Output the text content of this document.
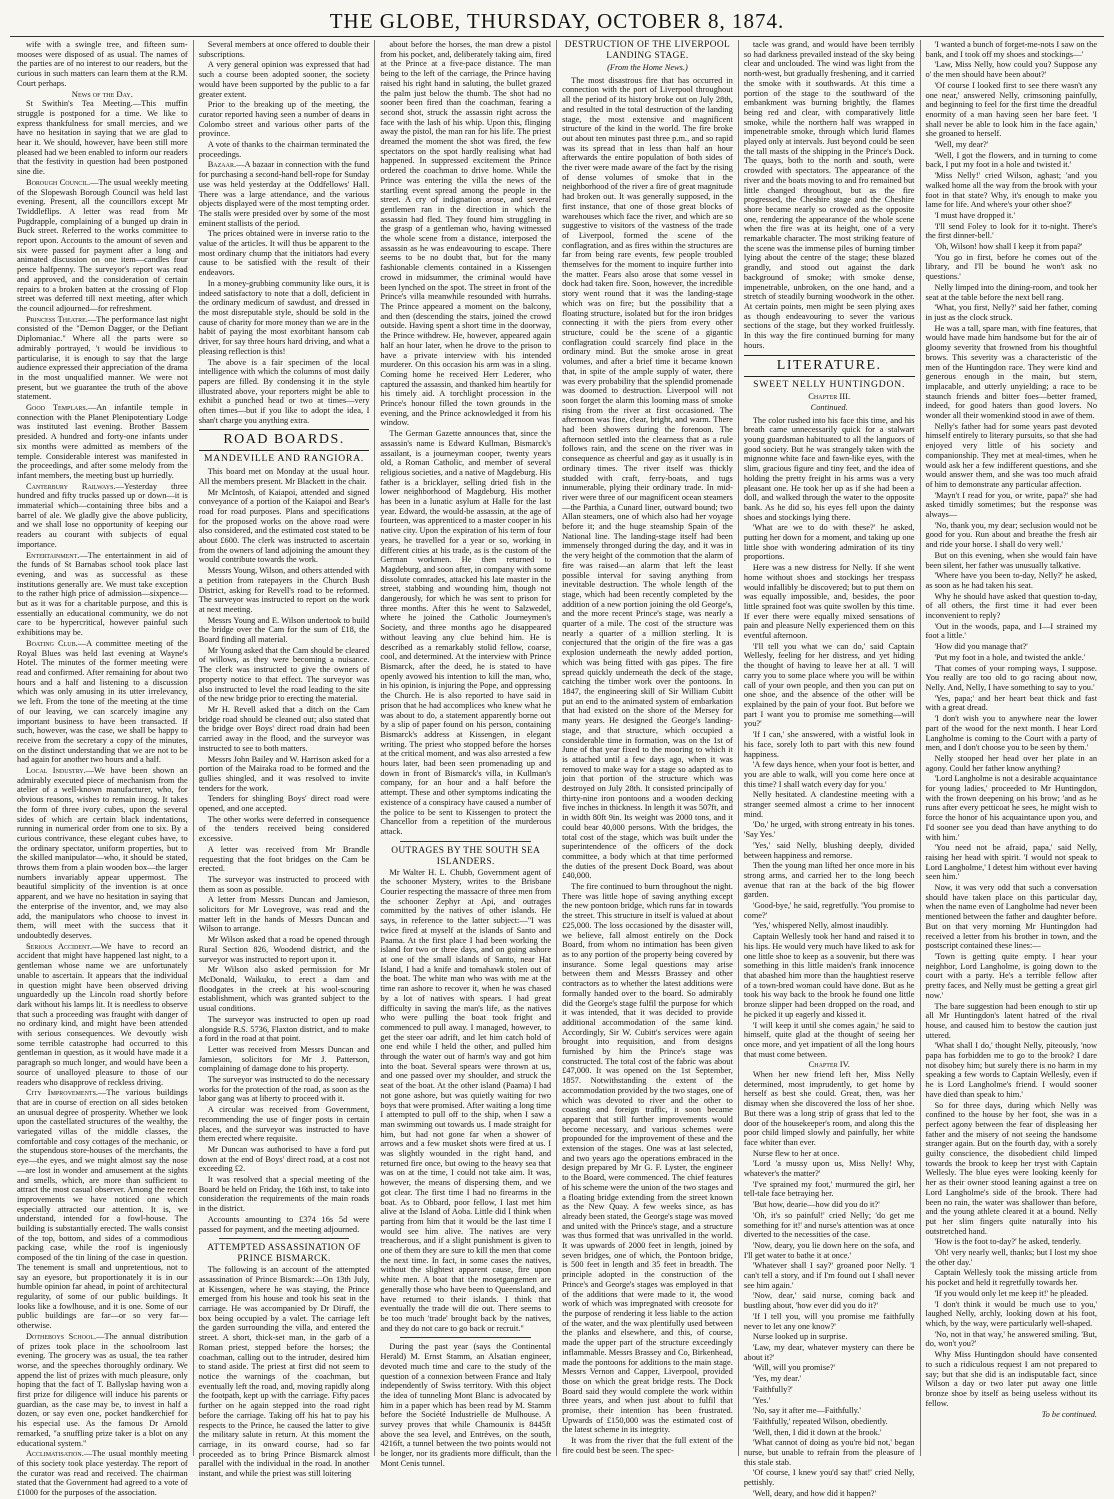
THE GLOBE, THURSDAY, OCTOBER 8, 1874.

wife with a swingle tree, and fifteen sum-mooses were disposed of as usual. The names of the parties are of no interest to our readers, but the curious in such matters can learn them at the R.M. Court perhaps.

News of the Day.

St Swithin's Tea Meeting.—This muffin struggle is postponed for a time. We like to express thankfulness for small mercies, and we have no hesitation in saying that we are glad to hear it. We should, however, have been still more pleased had we been enabled to inform our readers that the festivity in question had been postponed sine die.

Borough Council.—The usual weekly meeting of the Slopewash Borough Council was held last evening. Present, all the councillors except Mr Twiddleflips. A letter was read from Mr Pugdrapple, complaining of a bunged up drain in Buck street. Referred to the works committee to report upon. Accounts to the amount of seven and six were passed for payment after a long and animated discussion on one item—candles four pence halfpenny. The surveyor's report was read and approved, and the consideration of certain repairs to a broken batten at the crossing of Flop street was deferred till next meeting, after which the council adjourned—for refreshment.

Princess Theatre.—The performance last night consisted of the "Demon Dagger, or the Defiant Diplomaniac." Where all the parts were so admirably portrayed, 't would be invidious to particularise, it is enough to say that the large audience expressed their appreciation of the drama in the most unqualified manner. We were not present, but we guarantee the truth of the above statement.

Good Templars.—An infantile temple in connection with the Planet Plenipotentiary Lodge was instituted last evening. Brother Bassem presided. A hundred and forty-one infants under six months were admitted as members of the temple. Considerable interest was manifested in the proceedings, and after some melody from the infant members, the meeting bust up hurriedly.

Canterbury Railways.—Yesterday three hundred and fifty trucks passed up or down—it is immaterial which—containing three bibs and a barrel of ale. We gladly give the above publicity, and we shall lose no opportunity of keeping our readers au courant with subjects of equal importance.

Entertainment.—The entertainment in aid of the funds of St Barnabas school took place last evening, and was as successful as these institutions generally are. We must take exception to the rather high price of admission—sixpence—but as it was for a charitable purpose, and this is essentially an educational community, we do not care to be hypercritical, however painful such exhibitions may be.

Boating Club.—A committee meeting of the Royal Blues was held last evening at Wayne's Hotel. The minutes of the former meeting were read and confirmed. After remaining for about two hours and a half and listening to a discussion which was only amusing in its utter irrelevancy, we left. From the tone of the meeting at the time of our leaving, we can scarcely imagine any important business to have been transacted. If such, however, was the case, we shall be happy to receive from the secretary a copy of the minutes, on the distinct understanding that we are not to be had again for another two hours and a half.

Local Industry.—We have been shown an admirably executed piece of mechanism from the atelier of a well-known manufacturer, who, for obvious reasons, wishes to remain incog. It takes the form of three ivory cubes, upon the several sides of which are certain black indentations, running in numerical order from one to six. By a curious contrivance, these elegant cubes have, to the ordinary spectator, uniform properties, but to the skilled manipulator—who, it should be stated, throws them from a plain wooden box—the larger numbers invariably appear uppermost. The beautiful simplicity of the invention is at once apparent, and we have no hesitation in saying that the enterprise of the inventor, and, we may also add, the manipulators who choose to invest in them, will meet with the success that it undoubtedly deserves.

Serious Accident.—We have to record an accident that might have happened last night, to a gentleman whose name we are unfortunately unable to ascertain. It appears that the individual in question might have been observed driving unguardedly up the Lincoln road shortly before dark without his lamps lit. It is needless to observe that such a proceeding was fraught with danger of no ordinary kind, and might have been attended with serious consequences. We devoutly wish some terrible catastrophe had occurred to this gentleman in question, as it would have made it a paragraph so much longer, and would have been a source of unalloyed pleasure to those of our readers who disapprove of reckless driving.

City Improvements.—The various buildings that are in course of erection on all sides betoken an unusual degree of prosperity. Whether we look upon the castellated structures of the wealthy, the variegated villas of the middle classes, the comfortable and cosy cottages of the mechanic, or the stupendous store-houses of the merchants, the eye—the eyes, and we might almost say the nose—are lost in wonder and amusement at the sights and smells, which, are more than sufficient to attract the most casual observer. Among the recent improvements we have noticed one which especially attracted our attention. It is, we understand, intended for a fowl-house. The building is substantially erected. The walls consist of the top, bottom, and sides of a commodious packing case, while the roof is ingeniously composed of the tin lining of the case in question. The tenement is small and unpretentious, not to say an eyesore, but proportionately it is in our humble opinion far ahead, in point of architectural regularity, of some of our public buildings. It looks like a fowlhouse, and it is one. Some of our public buildings are far—or so very far—otherwise.

Dotheboys School.—The annual distribution of prizes took place in the schoolroom last evening. The grocery was as usual, the tea rather worse, and the speeches thoroughly ordinary. We append the list of prizes with much pleasure, only hoping that the fact of T. Ballyslap having won a first prize for diligence will induce his parents or guardian, as the case may be, to invest in half a dozen, or say even one, pocket handkerchief for his especial use. As the famous Dr Arnold remarked, "a snuffling prize taker is a blot on any educational system."

Acclimatisation.—The usual monthly meeting of this society took place yesterday. The report of the curator was read and received. The chairman stated that the Government had agreed to a vote of £1000 for the purposes of the association.

Several members at once offered to double their subscriptions.

A very general opinion was expressed that had such a course been adopted sooner, the society would have been supported by the public to a far greater extent.

Prior to the breaking up of the meeting, the curator reported having seen a number of deans in Colombo street and various other parts of the province.

A vote of thanks to the chairman terminated the proceedings.

Bazaar.—A bazaar in connection with the fund for purchasing a second-hand bell-rope for Sunday use was held yesterday at the Oddfellows' Hall. There was a large attendance, and the various objects displayed were of the most tempting order. The stalls were presided over by some of the most eminent stallists of the period.

The prices obtained were in inverse ratio to the value of the articles. It will thus be apparent to the most ordinary chump that the initiators had every cause to be satisfied with the result of their endeavors.

In a money-grubbing community like ours, it is indeed satisfactory to note that a doll, deficient in the ordinary medicum of sawdust, and dressed in the most disreputable style, should be sold in the cause of charity for more money than we are in the habit of paying the most exorbitant hansom cab driver, for say three hours hard driving, and what a pleasing reflection is this!

The above is a fair specimen of the local intelligence with which the columns of most daily papers are filled. By condensing it in the style illustrated above, your reporters might be able to exhibit a punched head or two at times—very often times—but if you like to adopt the idea, I shan't charge you anything extra.

ROAD BOARDS.
MANDEVILLE AND RANGIORA.

This board met on Monday at the usual hour. All the members present. Mr Blackett in the chair.

Mr McIntosh, of Kaiapoi, attended and signed conveyance of a portion of the Kaiapoi and Bear's road for road purposes. Plans and specifications for the proposed works on the above road were also considered, and the estimated cost stated to be about £600. The clerk was instructed to ascertain from the owners of land adjoining the amount they would contribute towards the work.

Messrs Young, Wilson, and others attended with a petition from ratepayers in the Church Bush District, asking for Revell's road to be reformed. The surveyor was instructed to report on the work at next meeting.

Messrs Young and E. Wilson undertook to build the bridge over the Cam for the sum of £18, the Board finding all material.

Mr Young asked that the Cam should be cleared of willows, as they were becoming a nuisance. The clerk was instructed to give the owners of property notice to that effect. The surveyor was also instructed to level the road leading to the site of the new bridge prior to erecting the material.

Mr H. Revell asked that a ditch on the Cam bridge road should be cleaned out; also stated that the bridge over Boys' direct road drain had been carried away in the flood, and the surveyor was instructed to see to both matters.

Messrs John Bailey and W. Harrison asked for a portion of the Mairaka road to be formed and the gullies shingled, and it was resolved to invite tenders for the work.

Tenders for shingling Boys' direct road were opened, and one accepted.

The other works were deferred in consequence of the tenders received being considered excessive.

A letter was received from Mr Brandle requesting that the foot bridges on the Cam be erected.

The surveyor was instructed to proceed with them as soon as possible.

A letter from Messrs Duncan and Jamieson, solicitors for Mr Lovegrove, was read and the matter left in the hands of Messrs Duncan and Wilson to arrange.

Mr Wilson asked that a road be opened through Rural Section 826, Woodend district, and the surveyor was instructed to report upon it.

Mr Wilson also asked permission for Mr McDonald, Waikuku, to erect a dam and floodgates in the creek at his wool-scouring establishment, which was granted subject to the usual conditions.

The surveyor was instructed to open up road alongside R.S. 5736, Flaxton district, and to make a ford in the road at that point.

Letter was received from Messrs Duncan and Jamieson, solicitors for Mr J. Patterson, complaining of damage done to his property.

The surveyor was instructed to do the necessary works for the protection of the road, as soon as the labor gang was at liberty to proceed with it.

A circular was received from Government, recommending the use of finger posts in certain places, and the surveyor was instructed to have them erected where requisite.

Mr Duncan was authorised to have a ford put down at the end of Boys' direct road, at a cost not exceeding £2.

It was resolved that a special meeting of the Board be held on Friday, the 16th inst, to take into consideration the requirements of the main roads in the district.

Accounts amounting to £374 16s 5d were passed for payment, and the meeting adjourned.

ATTEMPTED ASSASSINATION OF PRINCE BISMARCK.

The following is an account of the attempted assassination of Prince Bismarck:—On 13th July, at Kissengen, where he was staying, the Prince emerged from his house and took his seat in the carriage. He was accompanied by Dr Diruff, the box being occupied by a valet. The carriage left the garden surrounding the villa, and entered the street. A short, thick-set man, in the garb of a Roman priest, stepped before the horses; the coachman, calling out to the intruder, desired him to stand aside. The priest at first did not seem to notice the warnings of the coachman, but eventually left the road, and, moving rapidly along the footpath, kept up with the carriage. Fifty paces further on he again stepped into the road right before the carriage. Taking off his hat to pay his respects to the Prince, he caused the latter to give the military salute in return. At this moment the carriage, in its onward course, had so far proceeded as to bring Prince Bismarck almost parallel with the individual in the road. In another instant, and while the priest was still loitering

about before the horses, the man drew a pistol from his pocket, and, deliberately taking aim, fired at the Prince at a five-pace distance. The man being to the left of the carriage, the Prince having raised his right hand in saluting, the bullet grazed the palm just below the thumb. The shot had no sooner been fired than the coachman, fearing a second shot, struck the assassin right across the face with the lash of his whip. Upon this, flinging away the pistol, the man ran for his life. The priest dreamed the moment the shot was fired, the few spectators on the spot hardly realising what had happened. In suppressed excitement the Prince ordered the coachman to drive home. While the Prince was entering the villa the news of the startling event spread among the people in the street. A cry of indignation arose, and several gentlemen ran in the direction in which the assassin had fled. They found him struggling in the grasp of a gentleman who, having witnessed the whole scene from a distance, interposed the assassin as he was endeavouring to escape. There seems to be no doubt that, but for the many fashionable clements contained in a Kissengen crowd in midsummer, the criminal would have been lynched on the spot. The street in front of the Prince's villa meanwhile resounded with hurrahs. The Prince appeared a moment on the balcony, and then (descending the stairs, joined the crowd outside. Having spent a short time in the doorway, the Prince withdrew. He, however, appeared again half an hour later, when he drove to the prison to have a private interview with his intended murderer. On this occasion his arm was in a sling. Coming home he received Herr Lederer, who captured the assassin, and thanked him heartily for his timely aid. A torchlight procession in the Prince's honour filled the town grounds in the evening, and the Prince acknowledged it from his window.

The German Gazette announces that, since the assassin's name is Edward Kullman, Bismarck's assailant, is a journeyman cooper, twenty years old, a Roman Catholic, and member of several religious societies, and a native of Magdeburg. His father is a bricklayer, selling dried fish in the lower neighborhood of Magdeburg. His mother has been in a lunatic asylum at Halle for the last year. Edward, the would-be assassin, at the age of fourteen, was apprenticed to a master cooper in his native city. Upon the expiration of his term of four years, he travelled for a year or so, working in different cities at his trade, as is the custom of the German workmen. He then returned to Magdeburg, and soon after, in company with some dissolute comrades, attacked his late master in the street, stabbing and wounding him, though not dangerously, for which he was sent to prison for three months. After this he went to Salzwedel, where he joined the Catholic Journeymen's Society, and three months ago he disappeared without leaving any clue behind him. He is described as a remarkably stolid fellow, coarse, cool, and determined. At the interview with Prince Bismarck, after the deed, he is stated to have openly avowed his intention to kill the man, who, in his opinion, is injuring the Pope, and oppressing the Church. He is also reported to have said in prison that he had accomplices who knew what he was about to do, a statement apparently borne out by a slip of paper found on his person, containing Bismarck's address at Kissengen, in elegant writing. The priest who stopped before the horses at the critical moment, and was also arrested a few hours later, had been seen promenading up and down in front of Bismarck's villa, in Kullman's company, for an hour and a half before the attempt. These and other symptoms indicating the existence of a conspiracy have caused a number of the police to be sent to Kissengen to protect the Chancellor from a repetition of the murderous attack.

OUTRAGES BY THE SOUTH SEA ISLANDERS.

Mr Walter H. L. Chubb, Government agent of the schooner Mystery, writes to the Brisbane Courier respecting the massacre of three men from the schooner Zephyr at Api, and outrages committed by the natives of other islands. He says, in reference to the latter subject:—"I was twice fired at myself at the islands of Santo and Paama. At the first place I had been working the island for two or three days, and on going ashore at one of the small islands of Santo, near Hat Island, I had a knife and tomahawk stolen out of the boat. The white man who was with me at the time ran ashore to recover it, when he was chased by a lot of natives with spears. I had great difficulty in saving the man's life, as the natives who were pulling the boat took fright and commenced to pull away. I managed, however, to get the steer oar adrift, and let him catch hold of one end while I held the other, and pulled him through the water out of harm's way and got him into the boat. Several spears were thrown at us, and one passed over my shoulder, and struck the seat of the boat. At the other island (Paama) I had not gone ashore, but was quietly waiting for two boys that were promised. After waiting a long time I attempted to pull off to the ship, when I saw a man swimming out towards us. I made straight for him, but had not gone far when a shower of arrows and a few musket shots were fired at us. I was slightly wounded in the right hand, and returned fire once, but owing to the heavy sea that was on at the time, I could not take aim. It was, however, the means of dispersing them, and we got clear. The first time I had no firearms in the boat. As to Obbard, poor fellow, I last met him alive at the Island of Aoba. Little did I think when parting from him that it would be the last time I would see him alive. The natives are very treacherous, and if a slight punishment is given to one of them they are sure to kill the men that come the next time. In fact, in some cases the natives, without the slightest apparent cause, fire upon white men. A boat that the mosetgangemen are generally those who have been to Queensland, and have returned to their islands. I think that eventually the trade will die out. There seems to be too much 'trade' brought back by the natives, and they do not care to go back or recruit."

During the past year (says the Continental Herald) M. Ernst Stamm, an Alsatian engineer, devoted much time and care to the study of the question of a connexion between France and Italy independently of Swiss territory. With this object the idea of tunneling Mont Blanc is advocated by him in a paper which has been read by M. Stamm before the Société Industrielle de Mulhouse. A survey proves that while Chamounix is 8445ft above the sea level, and Entrèves, on the south, 4216ft, a tunnel between the two points would not be longer, nor its gradients more difficult, than the Mont Cenis tunnel.

DESTRUCTION OF THE LIVERPOOL LANDING STAGE.
(From the Home News.)

The most disastrous fire that has occurred in connection with the port of Liverpool throughout all the period of its history broke out on July 28th, and resulted in the total destruction of the landing stage, the most extensive and magnificent structure of the kind in the world. The fire broke out about ten minutes past three p.m., and so rapid was its spread that in less than half an hour afterwards the entire population of both sides of the river were made aware of the fact by the rising of dense volumes of smoke that in the neighborhood of the river a fire of great magnitude had broken out. It was generally supposed, in the first instance, that one of those great blocks of warehouses which face the river, and which are so suggestive to visitors of the vastness of the trade of Liverpool, formed the scene of the conflagration, and as fires within the structures are far from being rare events, few people troubled themselves for the moment to inquire further into the matter. Fears also arose that some vessel in dock had taken fire. Soon, however, the incredible story went round that it was the landing-stage which was on fire; but the possibility that a floating structure, isolated but for the iron bridges connecting it with the piers from every other structure, could be the scene of a gigantic conflagration could scarcely find place in the ordinary mind. But the smoke arose in great volumes, and after a brief time it became known that, in spite of the ample supply of water, there was every probability that the splendid promenade was doomed to destruction. Liverpool will not soon forget the alarm this looming mass of smoke rising from the river at first occasioned. The afternoon was fine, clear, bright, and warm. There had been showers during the forenoon. The afternoon settled into the clearness that as a rule follows rain, and the scene on the river was in consequence as cheerful and gay as it usually is in ordinary times. The river itself was thickly studded with craft, ferry-boats, and tugs innumerable, plying their ordinary trade. In mid-river were three of our magnificent ocean steamers—the Parthia, a Cunard liner, outward bound; two Allan steamers, one of which also had her voyage before it; and the huge steamship Spain of the National line. The landing-stage itself had been immensely thronged during the day, and it was in the very height of the commotion that the alarm of fire was raised—an alarm that left the least possible interval for saving anything from inevitable destruction. The whole length of the stage, which had been recently completed by the addition of a new portion joining the old George's, and the more recent Prince's stage, was nearly a quarter of a mile. The cost of the structure was nearly a quarter of a million sterling. It is conjectured that the origin of the fire was a gas explosion underneath the newly added portion, which was being fitted with gas pipes. The fire spread quickly underneath the deck of the stage, catching the timber work over the pontoons. In 1847, the engineering skill of Sir William Cubitt put an end to the animated system of embarkation that had existed on the shore of the Mersey for many years. He designed the George's landing-stage, and that structure, which occupied a considerable time in formation, was on the 1st of June of that year fixed to the mooring to which it is attached until a few days ago, when it was removed to make way for a stage so adapted as to join that portion of the structure which was destroyed on July 28th. It consisted principally of thirty-nine iron pontoons and a wooden decking five inches in thickness. In length it was 507ft, and in width 80ft 9in. Its weight was 2000 tons, and it could bear 40,000 persons. With the bridges, the total cost of the stage, which was built under the superintendence of the officers of the dock committee, a body which at that time performed the duties of the present Dock Board, was about £40,000.

The fire continued to burn throughout the night. There was little hope of saving anything except the new pontoon bridge, which runs far in towards the street. This structure in itself is valued at about £25,000. The loss occasioned by the disaster will, we believe, fall almost entirely on the Dock Board, from whom no intimation has been given as to any portion of the property being covered by insurance. Some legal questions may arise between them and Messrs Brassey and other contractors as to whether the latest additions were formally handed over to the board. So admirably did the George's stage fulfil the purpose for which it was intended, that it was decided to provide additional accommodation of the same kind. Accordingly, Sir W. Cubitt's services were again brought into requisition, and from designs furnished by him the Prince's stage was constructed. The total cost of the fabric was about £47,000. It was opened on the 1st September, 1857. Notwithstanding the extent of the accommodation provided by the two stages, one of which was devoted to river and the other to coasting and foreign traffic, it soon became apparent that still further improvements would become necessary, and various schemes were propounded for the improvement of these and the extension of the stages. One was at last selected, and two years ago the operations embraced in the design prepared by Mr G. F. Lyster, the engineer to the Board, were commenced. The chief features of his scheme were the union of the two stages and a floating bridge extending from the street known as the New Quay. A few weeks since, as has already been stated, the George's stage was moved and united with the Prince's stage, and a structure was thus formed that was unrivalled in the world. It was upwards of 2000 feet in length, joined by seven bridges, one of which, the Pontoon bridge, is 500 feet in length and 35 feet in breadth. The principle adopted in the construction of the Prince's and George's stages was employed in that of the additions that were made to it, the wood work of which was impregnated with creosote for the purpose of rendering it less liable to the action of the water, and the wax plentifully used between the planks and elsewhere, and this, of course, made the upper part of the structure exceedingly inflammable. Messrs Brassey and Co, Birkenhead, made the pontoons for additions to the main stage. Messrs Vernon and Capper, Liverpool, provided those on which the great bridge rests. The Dock Board said they would complete the work within three years, and when just about to fulfil that promise, their intention has been frustrated. Upwards of £150,000 was the estimated cost of the latest scheme in its integrity.

It was from the river that the full extent of the fire could best be seen. The spec-

tacle was grand, and would have been terribly so had darkness prevailed instead of the sky being clear and unclouded. The wind was light from the north-west, but gradually freshening, and it carried the smoke with it southwards. At this time a portion of the stage to the southward of the embankment was burning brightly, the flames being red and clear, with comparatively little smoke, while the northern half was wrapped in impenetrable smoke, through which lurid flames played only at intervals. Just beyond could be seen the tall masts of the shipping in the Prince's Dock. The quays, both to the north and south, were crowded with spectators. The appearance of the river and the boats moving to and fro remained but little changed throughout, but as the fire progressed, the Cheshire stage and the Cheshire shore became nearly so crowded as the opposite one, rendering the appearance of the whole scene when the fire was at its height, one of a very remarkable character. The most striking feature of the scene was the immense piles of burning timber lying about the centre of the stage; these blazed grandly, and stood out against the dark background of smoke; with smoke dense, impenetrable, unbroken, on the one hand, and a stretch of steadily burning woodwork in the other. At certain points, men might be seen plying axes as though endeavouring to sever the various sections of the stage, but they worked fruitlessly. In this way the fire continued burning for many hours.

LITERATURE.
SWEET NELLY HUNTINGDON.
Chapter III.
Continued.

The color rushed into his face this time, and his breath came unnecessarily quick for a stalwart young guardsman habituated to all the languors of good society. But he was strangely taken with the mignonne white face and fawn-like eyes, with the slim, gracious figure and tiny feet, and the idea of holding the pretty freight in his arms was a very pleasant one. He took her up as if she had been a doll, and walked through the water to the opposite bank. As he did so, his eyes fell upon the dainty shoes and stockings lying there.

'What are we to do with these?' he asked, putting her down for a moment, and taking up one little shoe with wondering admiration of its tiny proportions.

Here was a new distress for Nelly. If she went home without shoes and stockings her trespass would infallibly be discovered; but to put them on was equally impossible, and, besides, the poor little sprained foot was quite swollen by this time. If ever there were equally mixed sensations of pain and pleasure Nelly experienced them on this eventful afternoon.

'I'll tell you what we can do,' said Captain Wellesly, feeling for her distress, and yet hiding the thought of having to leave her at all. 'I will carry you to some place where you will be within call of your own people, and then you can put on one shoe, and the absence of the other will be explained by the pain of your foot. But before we part I want you to promise me something—will you?'

'If I can,' she answered, with a wistful look in his face, sorely loth to part with this new found happiness.

'A few days hence, when your foot is better, and you are able to walk, will you come here once at this time? I shall watch every day for you.'

Nelly hesitated. A clandestine meeting with a stranger seemed almost a crime to her innocent mind.

'Do,' he urged, with strong entreaty in his tones. 'Say Yes.'

'Yes,' said Nelly, blushing deeply, divided between happiness and remorse.

Then the young man lifted her once more in his strong arms, and carried her to the long beech avenue that ran at the back of the big flower garden.

'Good-bye,' he said, regretfully. 'You promise to come?'

'Yes,' whispered Nelly, almost inaudibly.

Captain Wellesly took her hand and raised it to his lips. He would very much have liked to ask for one little shoe to keep as a souvenir, but there was something in this little maiden's frank innocence that abashed him more than the haughtiest reserve of a town-bred woman could have done. But as he took his way back to the brook he found one little bronze slipper had been dropped on the road, and he picked it up eagerly and kissed it.

'I will keep it until she comes again,' he said to himself, quite glad at the thought of seeing her once more, and yet impatient of all the long hours that must come between.

Chapter IV.

When her new friend left her, Miss Nelly determined, most imprudently, to get home by herself as best she could. Great, then, was her dismay when she discovered the loss of her shoe. But there was a long strip of grass that led to the door of the housekeeper's room, and along this the poor child limped slowly and painfully, her white face whiter than ever.

Nurse flew to her at once.

'Lord 'a mussy upon us, Miss Nelly! Why, whatever's the matter?'

'I've sprained my foot,' murmured the girl, her tell-tale face betraying her.

'But how, dearie—how did you do it?'

'Oh, it's so painful!' cried Nelly; 'do get me something for it!' and nurse's attention was at once diverted to the necessities of the case.

'Now, deary, you lie down here on the sofa, and I'll get water to bathe it at once.'

'Whatever shall I say?' groaned poor Nelly. 'I can't tell a story, and if I'm found out I shall never see him again.'

'Now, dear,' said nurse, coming back and bustling about, 'how ever did you do it?'

'If I tell you, will you promise me faithfully never to let any one know?'

Nurse looked up in surprise.

'Law, my dear, whatever mystery can there be about it?'

'Will, will you promise?'

'Yes, my dear.'

'Faithfully?'

'Yes.'

'No, say it after me—Faithfully.'

'Faithfully,' repeated Wilson, obediently.

'Well, then, I did it down at the brook.'

'What cannot of doing as you're bid not,' began nurse, but unable to refrain from the pleasure of this stale stab.

'Of course, I knew you'd say that!' cried Nelly, pettishly.

'Well, deary, and how did it happen?'

'I wanted a bunch of forget-me-nots I saw on the bank, and I took off my shoes and stockings—'

'Law, Miss Nelly, how could you? Suppose any o' the men should have been about?'

'Of course I looked first to see there wasn't any one near,' answered Nelly, crimsoning painfully, and beginning to feel for the first time the dreadful enormity of a man having seen her bare feet. 'I shall never be able to look him in the face again,' she groaned to herself.

'Well, my dear?'

'Well, I got the flowers, and in turning to come back, I put my foot in a hole and twisted it.'

'Miss Nelly!' cried Wilson, aghast; 'and you walked home all the way from the brook with your foot in that state? Why, it's enough to make you lame for life. And where's your other shoe?'

'I must have dropped it.'

'I'll send Foley to look for it to-night. There's the first dinner-bell.'

'Oh, Wilson! how shall I keep it from papa?'

'You go in first, before he comes out of the library, and I'll be bound he won't ask no questions.'

Nelly limped into the dining-room, and took her seat at the table before the next bell rang.

'What, you first, Nelly?' said her father, coming in just as the clock struck.

He was a tall, spare man, with fine features, that would have made him handsome but for the air of gloomy severity that frowned from his thoughtful brows. This severity was a characteristic of the men of the Huntingdon race. They were kind and generous enough in the main, but stern, implacable, and utterly unyielding; a race to be staunch friends and bitter foes—better framed, indeed, for good haters than good lovers. No wonder all their womenkind stood in awe of them.

Nelly's father had for some years past devoted himself entirely to literary pursuits, so that she had enjoyed very little of his society and companionship. They met at meal-times, when he would ask her a few indifferent questions, and she would answer them, and she was too much afraid of him to demonstrate any particular affection.

'Mayn't I read for you, or write, papa?' she had asked timidly sometimes; but the response was always—

'No, thank you, my dear; seclusion would not be good for you. Run about and breathe the fresh air and ride your horse. I shall do very well.'

But on this evening, when she would fain have been silent, her father was unusually talkative.

'Where have you been to-day, Nelly?' he asked, as soon as he had taken his seat.

Why he should have asked that question to-day, of all others, the first time it had ever been inconvenient to reply?

'Out in the woods, papa, and I—I strained my foot a little.'

'How did you manage that?'

'Put my foot in a hole, and twisted the ankle.'

'That comes of your romping ways, I suppose. You really are too old to go racing about now, Nelly. And, Nelly, I have something to say to you.'

'Yes, papa;' and her heart beat thick and fast with a great dread.

'I don't wish you to anywhere near the lower part of the wood for the next month. I hear Lord Langholme is coming to the Court with a party of men, and I don't choose you to be seen by them.'

Nelly stooped her head over her plate in an agony. Could her father know anything?

'Lord Langholme is not a desirable acquaintance for young ladies,' proceeded to Mr Huntingdon, with the frown deepening on his brow; 'and as he runs after every petticoat he sees, he might wish to force the honor of his acquaintance upon you, and I'd sooner see you dead than have anything to do with him.'

'You need not be afraid, papa,' said Nelly, raising her head with spirit. 'I would not speak to Lord Langholme,' I detest him without ever having seen him.'

Now, it was very odd that such a conversation should have taken place on this particular day, when the name even of Langholme had never been mentioned between the father and daughter before. But on that very morning Mr Huntingdon had received a letter from his brother in town, and the postscript contained these lines:—

'Town is getting quite empty. I hear your neighbor, Lord Langholme, is going down to the court with a party. He's a terrible fellow after pretty faces, and Nelly must be getting a great girl now.'

The bare suggestion had been enough to stir up all Mr Huntingdon's latent hatred of the rival house, and caused him to bestow the caution just uttered.

'What shall I do,' thought Nelly, piteously, 'now papa has forbidden me to go to the brook? I dare not disobey him; but surely there is no harm in my speaking a few words to Captain Wellesly, even if he is Lord Langholme's friend. I would sooner have died than speak to him.'

So for three days, during which Nelly was confined to the house by her foot, she was in a perfect agony between the fear of displeasing her father and the misery of not seeing the handsome stranger again. But on the fourth day, with a sorely guilty conscience, the disobedient child limped towards the brook to keep her tryst with Captain Wellesly. The blue eyes were looking keenly for her as their owner stood leaning against a tree on Lord Langholme's side of the brook. There had been no rain, the water was shallower than before, and the young athlete cleared it at a bound. Nelly put her slim fingers quite naturally into his outstretched hand.

'How is the foot to-day?' he asked, tenderly.

'Oh! very nearly well, thanks; but I lost my shoe the other day.'

Captain Wellesly took the missing article from his pocket and held it regretfully towards her.

'If you would only let me keep it!' he pleaded.

'I don't think it would be much use to you,' laughed Nelly, archly, looking down at his foot, which, by the way, were particularly well-shaped.

'No, not in that way,' he answered smiling. 'But, do, won't you?'

Why Miss Huntingdon should have consented to such a ridiculous request I am not prepared to say; but that she did is an indisputable fact, since Wilson a day or two later put away one little bronze shoe by itself as being useless without its fellow.

To be continued.
